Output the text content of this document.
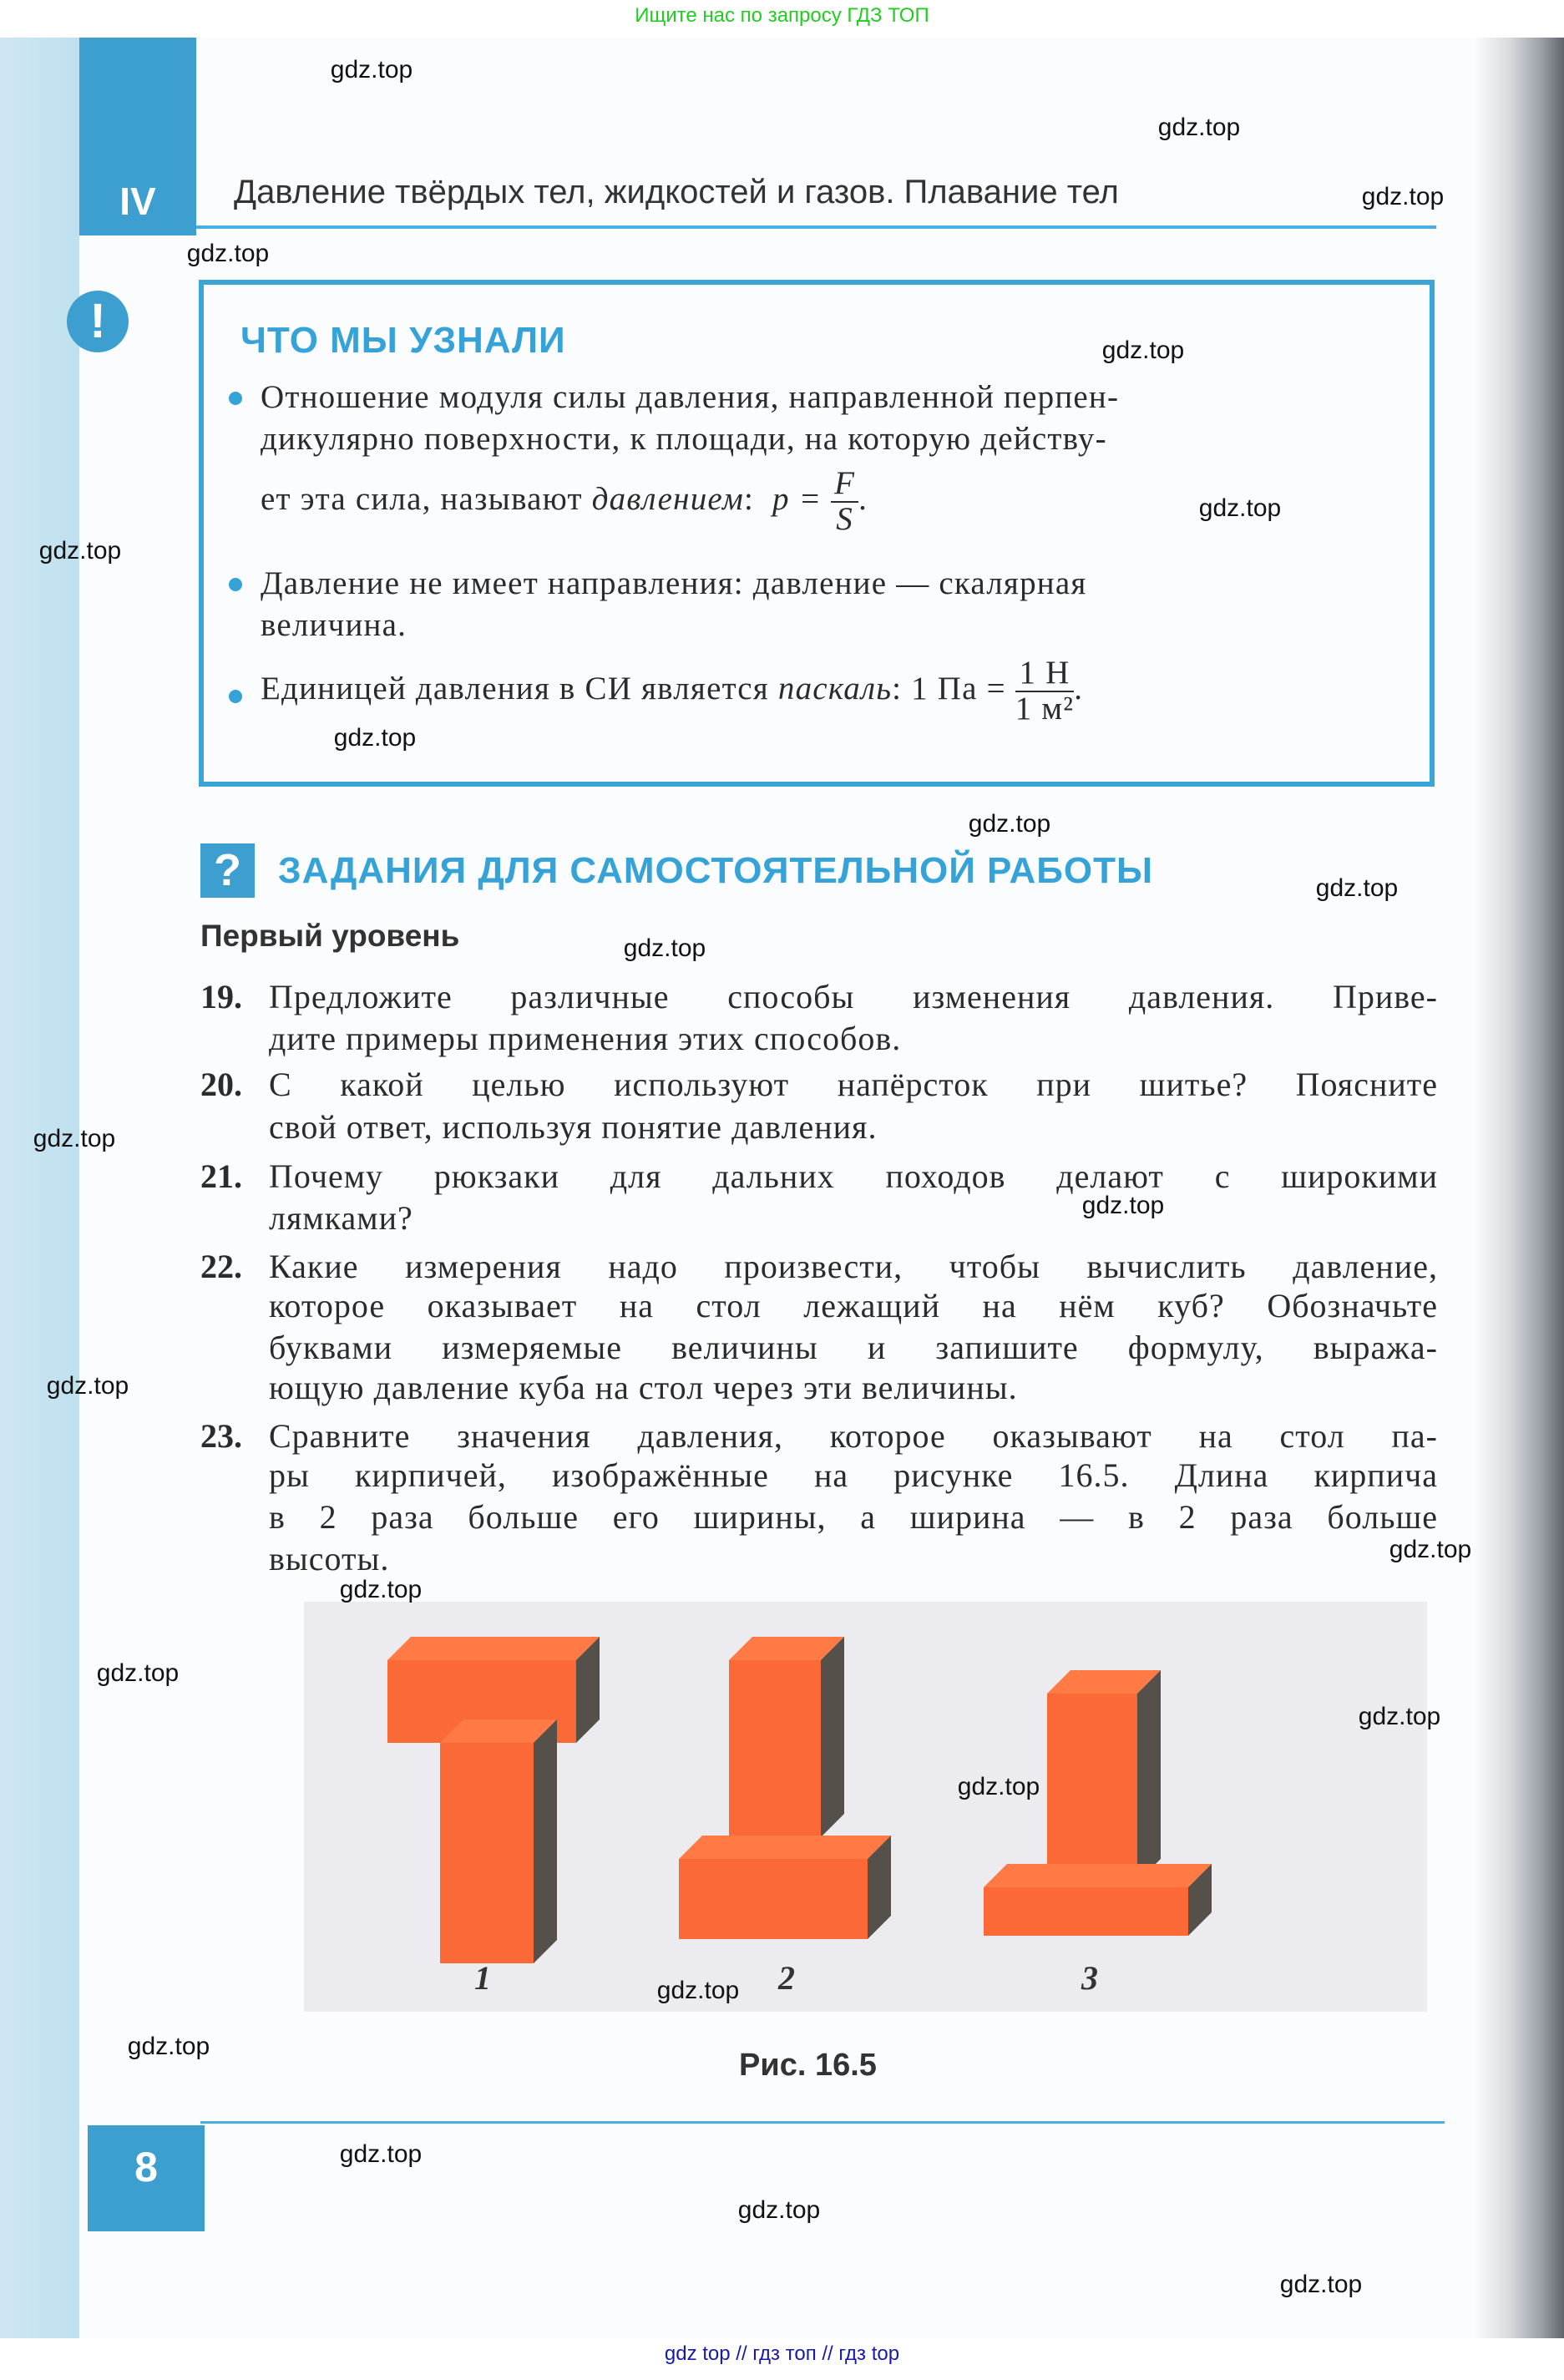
Ищите нас по запросу ГДЗ ТОП
IV	Давление твёрдых тел, жидкостей и газов. Плавание тел
!	ЧТО МЫ УЗНАЛИ
Отношение модуля силы давления, направленной перпен-
дикулярно поверхности, к площади, на которую действу-
ет эта сила, называют давлением: $p = \frac{F}{S}$ .
Давление не имеет направления: давление — скалярная
величина.
Единицей давления в СИ является паскаль: 1 Па = $\frac{1 Н}{\text{1 м²}}$ .
?	ЗАДАНИЯ ДЛЯ САМОСТОЯТЕЛЬНОЙ РАБОТЫ
Первый уровень
19. Предложите различные способы изменения давления. Приве-
дите примеры применения этих способов.
20. С какой целью используют напёрсток при шитье? Поясните
свой ответ, используя понятие давления.
21. Почему рюкзаки для дальних походов делают с широкими
лямками?
22. Какие измерения надо произвести, чтобы вычислить давление,
которое оказывает на стол лежащий на нём куб? Обозначьте
буквами измеряемые величины и запишите формулу, выража-
ющую давление куба на стол через эти величины.
23. Сравните значения давления, которое оказывают на стол па-
ры кирпичей, изображённые на рисунке 16.5. Длина кирпича
в 2 раза больше его ширины, а ширина — в 2 раза больше
высоты.
1	2	3
Рис. 16.5
8
gdz.top
gdz.top
gdz.top
gdz.top
gdz.top
gdz.top
gdz.top
gdz.top
gdz.top
gdz.top
gdz.top
gdz.top
gdz.top
gdz.top
gdz.top
gdz.top
gdz.top
gdz.top
gdz.top
gdz.top
gdz.top
gdz.top
gdz.top
gdz.top
gdz top // гдз топ // гдз top
